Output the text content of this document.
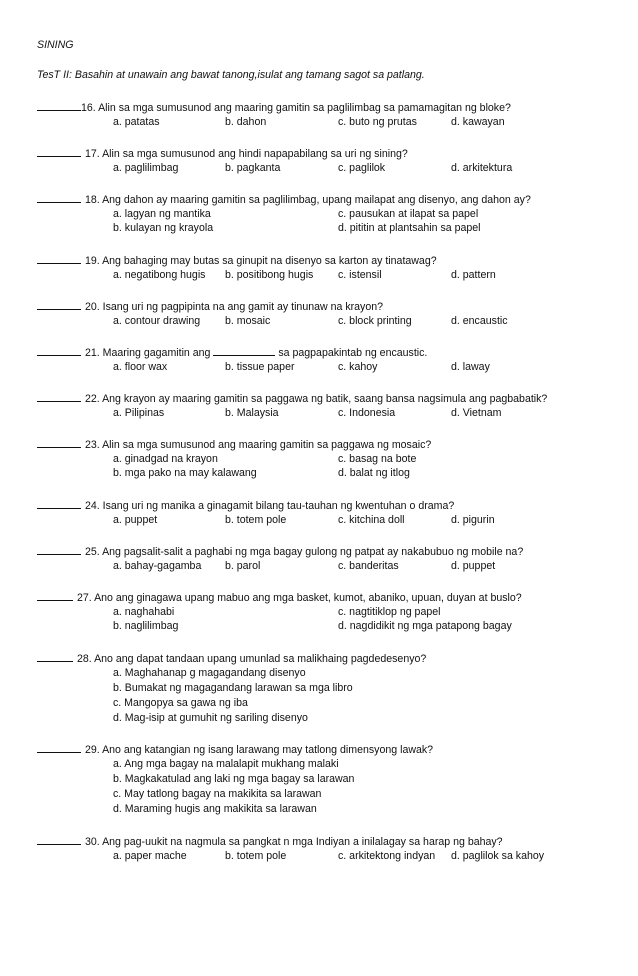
SINING
TesT II: Basahin at unawain ang bawat tanong,isulat ang tamang sagot sa patlang.
16. Alin sa mga sumusunod ang maaring gamitin sa paglilimbag sa pamamagitan ng bloke?
a. patatas	b. dahon	c. buto ng prutas	d. kawayan
17. Alin sa mga sumusunod ang hindi napapabilang sa uri ng sining?
a. paglilimbag	b. pagkanta	c. paglilok	d. arkitektura
18. Ang dahon ay maaring gamitin sa paglilimbag, upang mailapat ang disenyo, ang dahon ay?
a. lagyan ng mantika
b. kulayan ng krayola
c. pausukan at ilapat sa papel
d. pititin at plantsahin sa papel
19. Ang bahaging may butas sa ginupit na disenyo sa karton ay tinatawag?
a. negatibong hugis b. positibong hugis c. istensil	d. pattern
20. Isang uri ng pagpipinta na ang gamit ay tinunaw na krayon?
a. contour drawing b. mosaic	c. block printing	d. encaustic
21. Maaring gagamitin ang	sa pagpapakintab ng encaustic.
a. floor wax	b. tissue paper	c. kahoy	d. laway
22. Ang krayon ay maaring gamitin sa paggawa ng batik, saang bansa nagsimula ang pagbabatik?
a. Pilipinas	b. Malaysia	c. Indonesia	d. Vietnam
23. Alin sa mga sumusunod ang maaring gamitin sa paggawa ng mosaic?
a. ginadgad na krayon
b. mga pako na may kalawang
c. basag na bote
d. balat ng itlog
24. Isang uri ng manika a ginagamit bilang tau-tauhan ng kwentuhan o drama?
a. puppet	b. totem pole	c. kitchina doll	d. pigurin
25. Ang pagsalit-salit a paghabi ng mga bagay gulong ng patpat ay nakabubuo ng mobile na?
a. bahay-gagamba b. parol	c. banderitas	d. puppet
27. Ano ang ginagawa upang mabuo ang mga basket, kumot, abaniko, upuan, duyan at buslo?
a. naghahabi
b. naglilimbag
c. nagtitiklop ng papel
d. nagdidikit ng mga patapong bagay
28. Ano ang dapat tandaan upang umunlad sa malikhaing pagdedesenyo?
a. Maghahanap g magagandang disenyo
b. Bumakat ng magagandang larawan sa mga libro
c. Mangopya sa gawa ng iba
d. Mag-isip at gumuhit ng sariling disenyo
29. Ano ang katangian ng isang larawang may tatlong dimensyong lawak?
a. Ang mga bagay na malalapit mukhang malaki
b. Magkakatulad ang laki ng mga bagay sa larawan
c. May tatlong bagay na makikita sa larawan
d. Maraming hugis ang makikita sa larawan
30. Ang pag-uukit na nagmula sa pangkat n mga Indiyan a inilalagay sa harap ng bahay?
a. paper mache	b. totem pole	c. arkitektong indyan d. paglilok sa kahoy
